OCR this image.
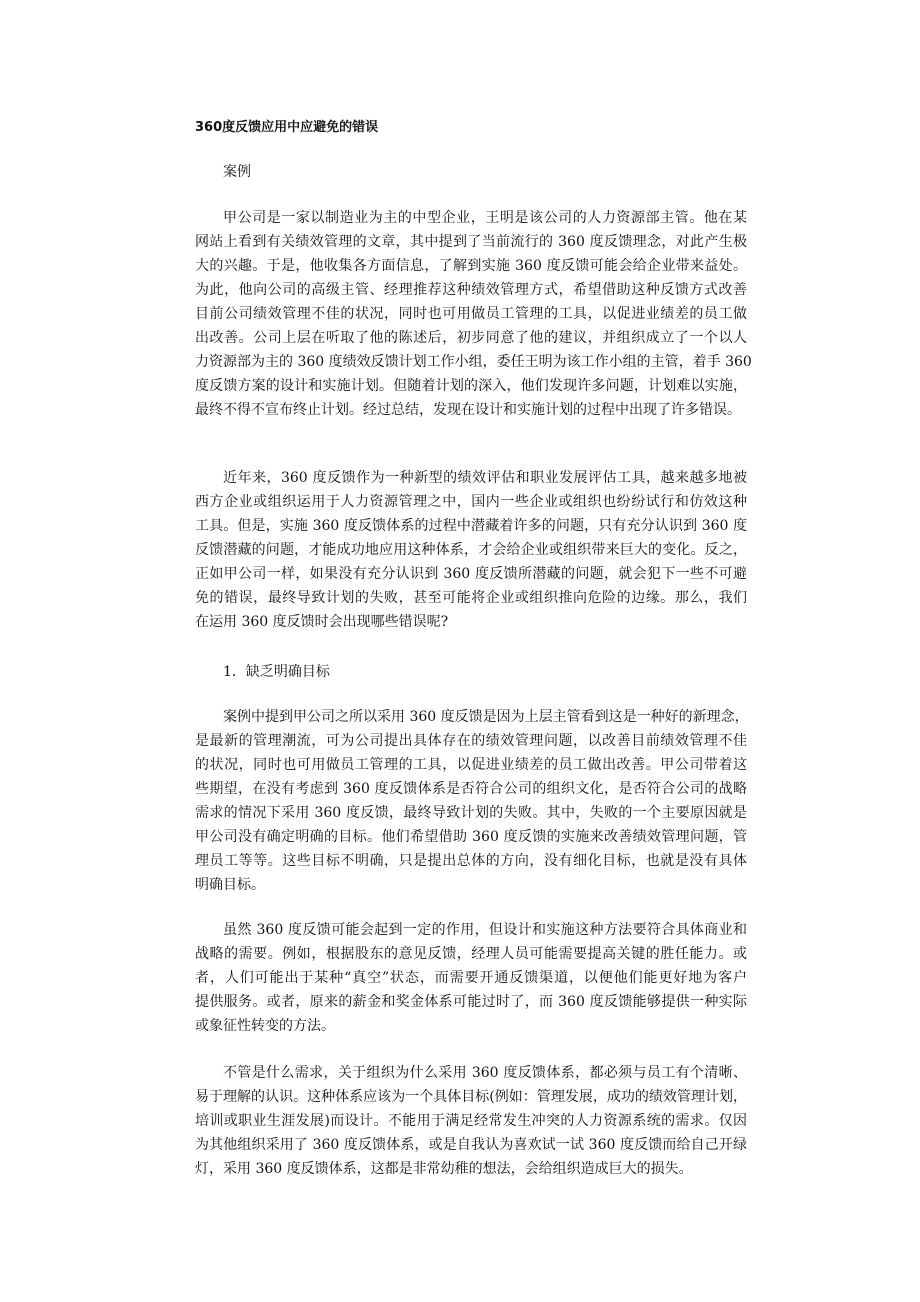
360度反馈应用中应避免的错误
案例
甲公司是一家以制造业为主的中型企业，王明是该公司的人力资源部主管。他在某
网站上看到有关绩效管理的文章，其中提到了当前流行的 360 度反馈理念，对此产生极
大的兴趣。于是，他收集各方面信息，了解到实施 360 度反馈可能会给企业带来益处。
为此，他向公司的高级主管、经理推荐这种绩效管理方式，希望借助这种反馈方式改善
目前公司绩效管理不佳的状况，同时也可用做员工管理的工具，以促进业绩差的员工做
出改善。公司上层在听取了他的陈述后，初步同意了他的建议，并组织成立了一个以人
力资源部为主的 360 度绩效反馈计划工作小组，委任王明为该工作小组的主管，着手 360
度反馈方案的设计和实施计划。但随着计划的深入，他们发现许多问题，计划难以实施，
最终不得不宣布终止计划。经过总结，发现在设计和实施计划的过程中出现了许多错误。
近年来，360 度反馈作为一种新型的绩效评估和职业发展评估工具，越来越多地被
西方企业或组织运用于人力资源管理之中，国内一些企业或组织也纷纷试行和仿效这种
工具。但是，实施 360 度反馈体系的过程中潜藏着许多的问题，只有充分认识到 360 度
反馈潜藏的问题，才能成功地应用这种体系，才会给企业或组织带来巨大的变化。反之，
正如甲公司一样，如果没有充分认识到 360 度反馈所潜藏的问题，就会犯下一些不可避
免的错误，最终导致计划的失败，甚至可能将企业或组织推向危险的边缘。那么，我们
在运用 360 度反馈时会出现哪些错误呢?
1．缺乏明确目标
案例中提到甲公司之所以采用 360 度反馈是因为上层主管看到这是一种好的新理念，
是最新的管理潮流，可为公司提出具体存在的绩效管理问题，以改善目前绩效管理不佳
的状况，同时也可用做员工管理的工具，以促进业绩差的员工做出改善。甲公司带着这
些期望，在没有考虑到 360 度反馈体系是否符合公司的组织文化，是否符合公司的战略
需求的情况下采用 360 度反馈，最终导致计划的失败。其中，失败的一个主要原因就是
甲公司没有确定明确的目标。他们希望借助 360 度反馈的实施来改善绩效管理问题，管
理员工等等。这些目标不明确，只是提出总体的方向，没有细化目标，也就是没有具体
明确目标。
虽然 360 度反馈可能会起到一定的作用，但设计和实施这种方法要符合具体商业和
战略的需要。例如，根据股东的意见反馈，经理人员可能需要提高关键的胜任能力。或
者，人们可能出于某种“真空”状态，而需要开通反馈渠道，以便他们能更好地为客户
提供服务。或者，原来的薪金和奖金体系可能过时了，而 360 度反馈能够提供一种实际
或象征性转变的方法。
不管是什么需求，关于组织为什么采用 360 度反馈体系，都必须与员工有个清晰、
易于理解的认识。这种体系应该为一个具体目标(例如：管理发展，成功的绩效管理计划，
培训或职业生涯发展)而设计。不能用于满足经常发生冲突的人力资源系统的需求。仅因
为其他组织采用了 360 度反馈体系，或是自我认为喜欢试一试 360 度反馈而给自己开绿
灯，采用 360 度反馈体系，这都是非常幼稚的想法，会给组织造成巨大的损失。
